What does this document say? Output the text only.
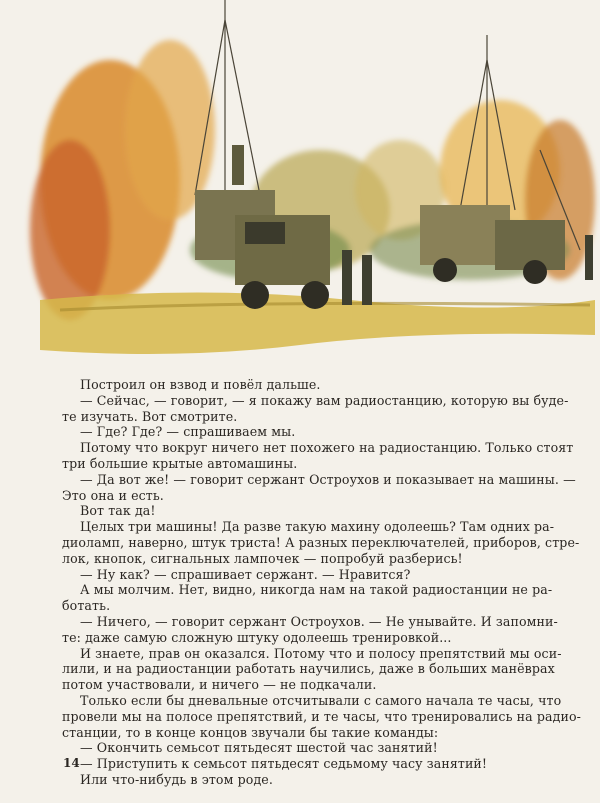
Построил он взвод и повёл дальше.
— Сейчас, — говорит, — я покажу вам радиостанцию, которую вы буде-
те изучать. Вот смотрите.
— Где? Где? — спрашиваем мы.
Потому что вокруг ничего нет похожего на радиостанцию. Только стоят
три большие крытые автомашины.
— Да вот же! — говорит сержант Остроухов и показывает на машины. —
Это она и есть.
Вот так да!
Целых три машины! Да разве такую махину одолеешь? Там одних ра-
диоламп, наверно, штук триста! А разных переключателей, приборов, стре-
лок, кнопок, сигнальных лампочек — попробуй разберись!
— Ну как? — спрашивает сержант. — Нравится?
А мы молчим. Нет, видно, никогда нам на такой радиостанции не ра-
ботать.
— Ничего, — говорит сержант Остроухов. — Не унывайте. И запомни-
те: даже самую сложную штуку одолеешь тренировкой...
И знаете, прав он оказался. Потому что и полосу препятствий мы оси-
лили, и на радиостанции работать научились, даже в больших манёврах
потом участвовали, и ничего — не подкачали.
Только если бы дневальные отсчитывали с самого начала те часы, что
провели мы на полосе препятствий, и те часы, что тренировались на радио-
станции, то в конце концов звучали бы такие команды:
— Окончить семьсот пятьдесят шестой час занятий!
— Приступить к семьсот пятьдесят седьмому часу занятий!
Или что-нибудь в этом роде.
14
